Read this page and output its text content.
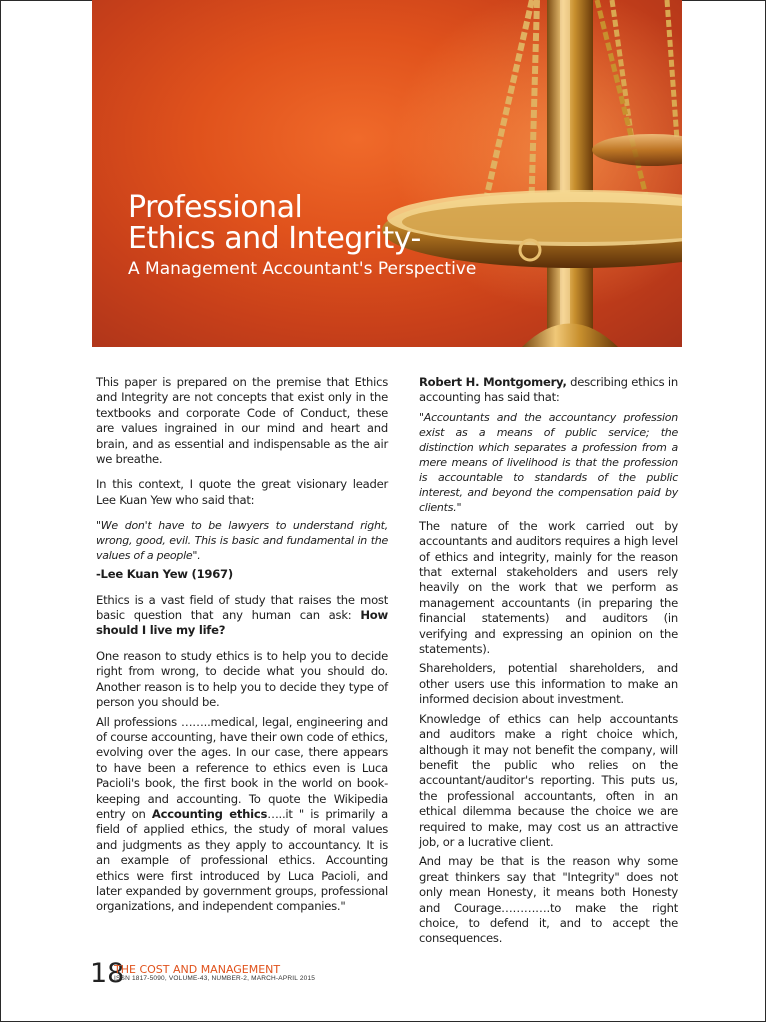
Professional
Ethics and Integrity-
A Management Accountant's Perspective

This paper is prepared on the premise that Ethics and Integrity are not concepts that exist only in the textbooks and corporate Code of Conduct, these are values ingrained in our mind and heart and brain, and as essential and indispensable as the air we breathe.

In this context, I quote the great visionary leader Lee Kuan Yew who said that:

"We don't have to be lawyers to understand right, wrong, good, evil. This is basic and fundamental in the values of a people".

-Lee Kuan Yew (1967)

Ethics is a vast field of study that raises the most basic question that any human can ask: How should I live my life?

One reason to study ethics is to help you to decide right from wrong, to decide what you should do. Another reason is to help you to decide they type of person you should be.

All professions ……..medical, legal, engineering and of course accounting, have their own code of ethics, evolving over the ages. In our case, there appears to have been a reference to ethics even is Luca Pacioli's book, the first book in the world on book-keeping and accounting. To quote the Wikipedia entry on Accounting ethics…..it " is primarily a field of applied ethics, the study of moral values and judgments as they apply to accountancy. It is an example of professional ethics. Accounting ethics were first introduced by Luca Pacioli, and later expanded by government groups, professional organizations, and independent companies."

Robert H. Montgomery, describing ethics in accounting has said that:

"Accountants and the accountancy profession exist as a means of public service; the distinction which separates a profession from a mere means of livelihood is that the profession is accountable to standards of the public interest, and beyond the compensation paid by clients."

The nature of the work carried out by accountants and auditors requires a high level of ethics and integrity, mainly for the reason that external stakeholders and users rely heavily on the work that we perform as management accountants (in preparing the financial statements) and auditors (in verifying and expressing an opinion on the statements).

Shareholders, potential shareholders, and other users use this information to make an informed decision about investment.

Knowledge of ethics can help accountants and auditors make a right choice which, although it may not benefit the company, will benefit the public who relies on the accountant/auditor's reporting. This puts us, the professional accountants, often in an ethical dilemma because the choice we are required to make, may cost us an attractive job, or a lucrative client.

And may be that is the reason why some great thinkers say that "Integrity" does not only mean Honesty, it means both Honesty and Courage………….to make the right choice, to defend it, and to accept the consequences.

18
THE COST AND MANAGEMENT
ISSN 1817-5090, VOLUME-43, NUMBER-2, MARCH-APRIL 2015
